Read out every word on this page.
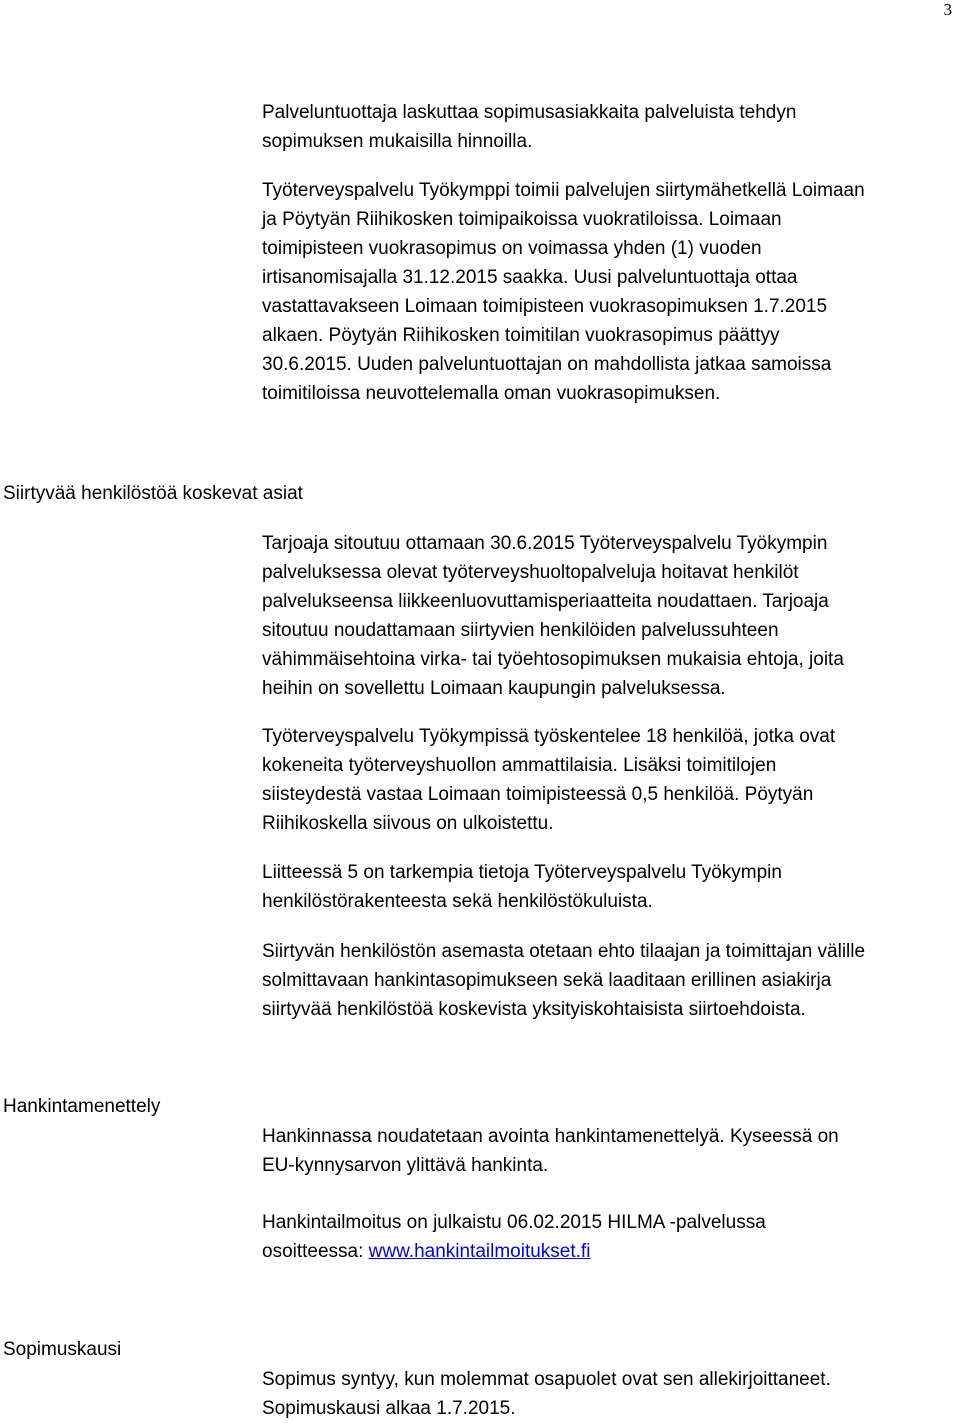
3

Palveluntuottaja laskuttaa sopimusasiakkaita palveluista tehdyn
sopimuksen mukaisilla hinnoilla.

Työterveyspalvelu Työkymppi toimii palvelujen siirtymähetkellä Loimaan
ja Pöytyän Riihikosken toimipaikoissa vuokratiloissa. Loimaan
toimipisteen vuokrasopimus on voimassa yhden (1) vuoden
irtisanomisajalla 31.12.2015 saakka. Uusi palveluntuottaja ottaa
vastattavakseen Loimaan toimipisteen vuokrasopimuksen 1.7.2015
alkaen. Pöytyän Riihikosken toimitilan vuokrasopimus päättyy
30.6.2015. Uuden palveluntuottajan on mahdollista jatkaa samoissa
toimitiloissa neuvottelemalla oman vuokrasopimuksen.

Siirtyvää henkilöstöä koskevat asiat

Tarjoaja sitoutuu ottamaan 30.6.2015 Työterveyspalvelu Työkympin
palveluksessa olevat työterveyshuoltopalveluja hoitavat henkilöt
palvelukseensa liikkeenluovuttamisperiaatteita noudattaen. Tarjoaja
sitoutuu noudattamaan siirtyvien henkilöiden palvelussuhteen
vähimmäisehtoina virka- tai työehtosopimuksen mukaisia ehtoja, joita
heihin on sovellettu Loimaan kaupungin palveluksessa.

Työterveyspalvelu Työkympissä työskentelee 18 henkilöä, jotka ovat
kokeneita työterveyshuollon ammattilaisia. Lisäksi toimitilojen
siisteydestä vastaa Loimaan toimipisteessä 0,5 henkilöä. Pöytyän
Riihikoskella siivous on ulkoistettu.

Liitteessä 5 on tarkempia tietoja Työterveyspalvelu Työkympin
henkilöstörakenteesta sekä henkilöstökuluista.

Siirtyvän henkilöstön asemasta otetaan ehto tilaajan ja toimittajan välille
solmittavaan hankintasopimukseen sekä laaditaan erillinen asiakirja
siirtyvää henkilöstöä koskevista yksityiskohtaisista siirtoehdoista.

Hankintamenettely

Hankinnassa noudatetaan avointa hankintamenettelyä. Kyseessä on
EU-kynnysarvon ylittävä hankinta.

Hankintailmoitus on julkaistu 06.02.2015 HILMA -palvelussa
osoitteessa: www.hankintailmoitukset.fi

Sopimuskausi

Sopimus syntyy, kun molemmat osapuolet ovat sen allekirjoittaneet.
Sopimuskausi alkaa 1.7.2015.
